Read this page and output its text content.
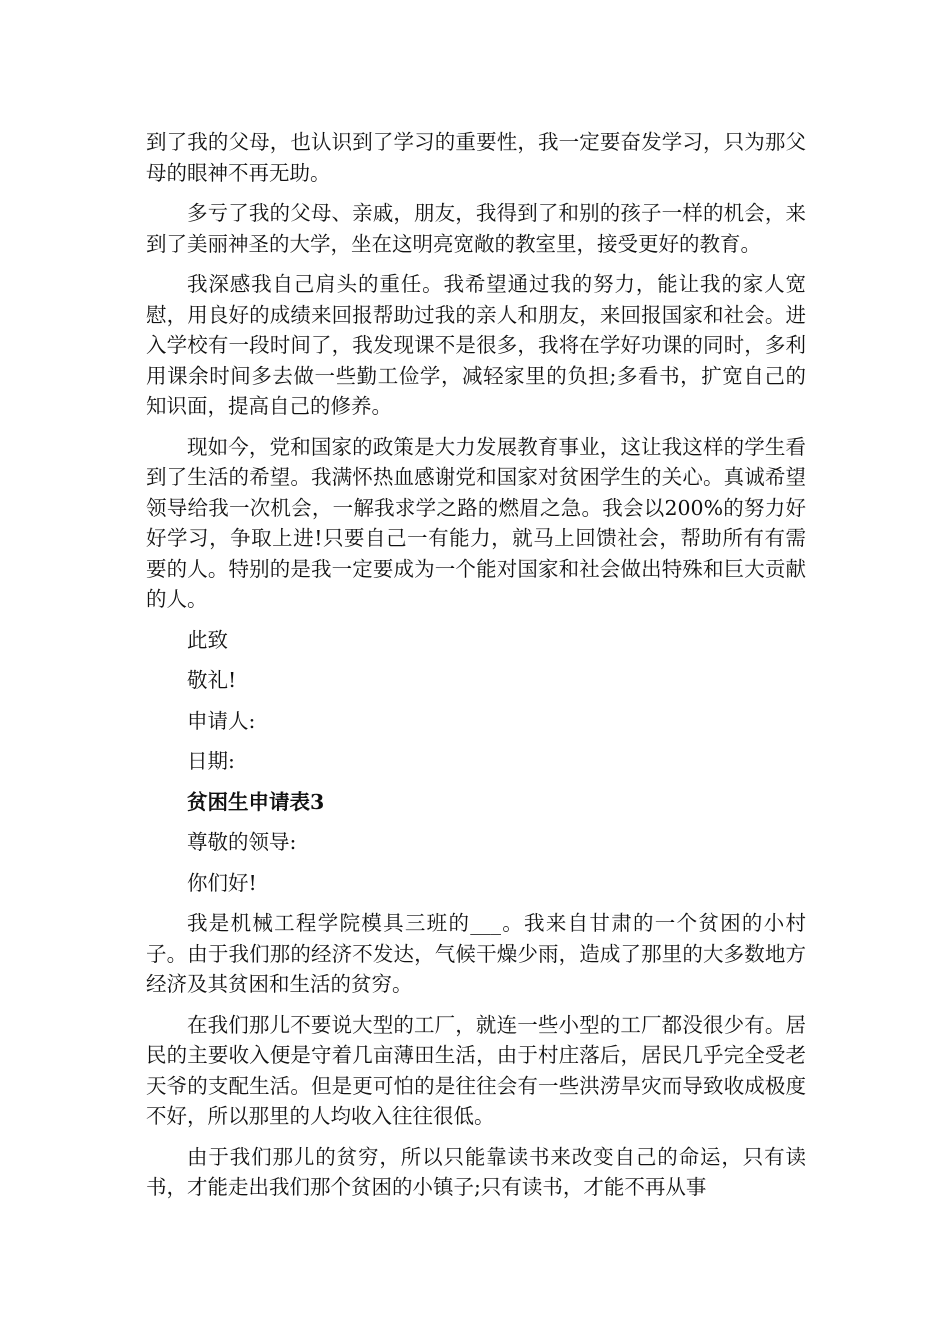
到了我的父母，也认识到了学习的重要性，我一定要奋发学习，只为那父母的眼神不再无助。

多亏了我的父母、亲戚，朋友，我得到了和别的孩子一样的机会，来到了美丽神圣的大学，坐在这明亮宽敞的教室里，接受更好的教育。

我深感我自己肩头的重任。我希望通过我的努力，能让我的家人宽慰，用良好的成绩来回报帮助过我的亲人和朋友，来回报国家和社会。进入学校有一段时间了，我发现课不是很多，我将在学好功课的同时，多利用课余时间多去做一些勤工俭学，减轻家里的负担;多看书，扩宽自己的知识面，提高自己的修养。

现如今，党和国家的政策是大力发展教育事业，这让我这样的学生看到了生活的希望。我满怀热血感谢党和国家对贫困学生的关心。真诚希望领导给我一次机会，一解我求学之路的燃眉之急。我会以200%的努力好好学习，争取上进!只要自己一有能力，就马上回馈社会，帮助所有有需要的人。特别的是我一定要成为一个能对国家和社会做出特殊和巨大贡献的人。

此致

敬礼!

申请人:

日期:

贫困生申请表3

尊敬的领导:

你们好!

我是机械工程学院模具三班的___。我来自甘肃的一个贫困的小村子。由于我们那的经济不发达，气候干燥少雨，造成了那里的大多数地方经济及其贫困和生活的贫穷。

在我们那儿不要说大型的工厂，就连一些小型的工厂都没很少有。居民的主要收入便是守着几亩薄田生活，由于村庄落后，居民几乎完全受老天爷的支配生活。但是更可怕的是往往会有一些洪涝旱灾而导致收成极度不好，所以那里的人均收入往往很低。

由于我们那儿的贫穷，所以只能靠读书来改变自己的命运，只有读书，才能走出我们那个贫困的小镇子;只有读书，才能不再从事
